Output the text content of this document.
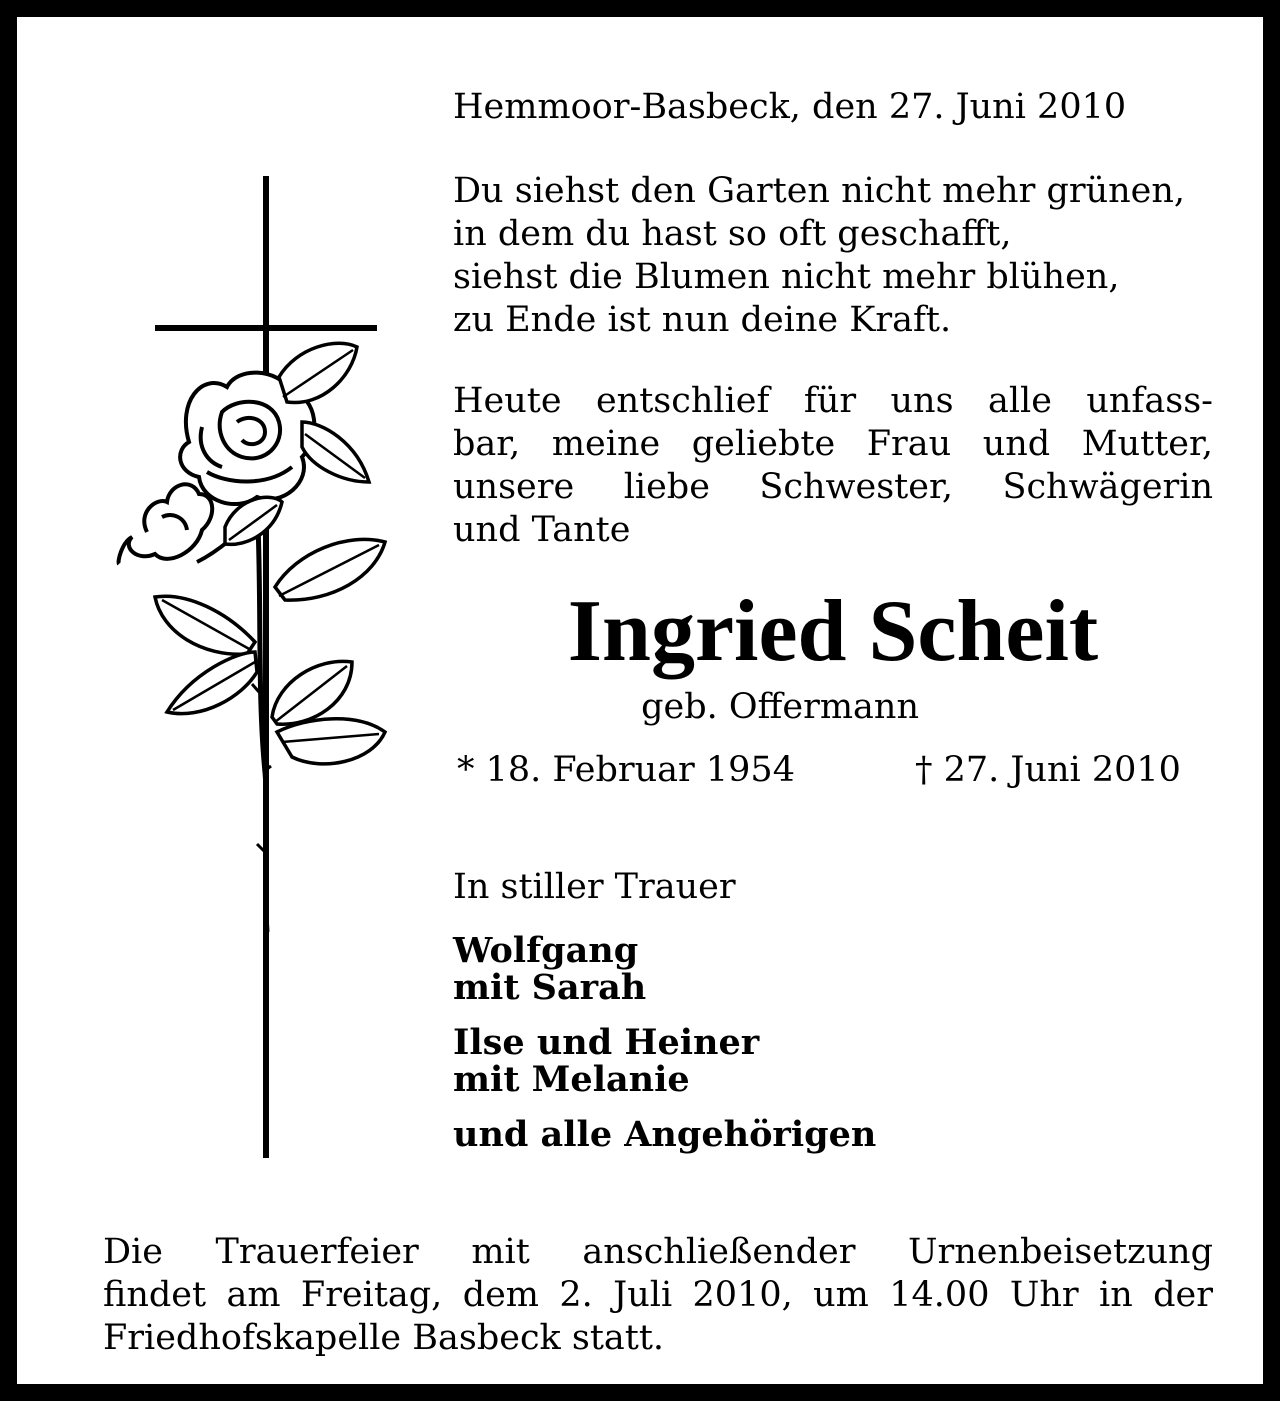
Hemmoor-Basbeck, den 27. Juni 2010
Du siehst den Garten nicht mehr grünen,
in dem du hast so oft geschafft,
siehst die Blumen nicht mehr blühen,
zu Ende ist nun deine Kraft.
Heute entschlief für uns alle unfass-
bar, meine geliebte Frau und Mutter,
unsere liebe Schwester, Schwägerin
und Tante
Ingried Scheit
geb. Offermann
* 18. Februar 1954	† 27. Juni 2010
In stiller Trauer
Wolfgang
mit Sarah
Ilse und Heiner
mit Melanie
und alle Angehörigen
Die Trauerfeier mit anschließender Urnenbeisetzung
findet am Freitag, dem 2. Juli 2010, um 14.00 Uhr in der
Friedhofskapelle Basbeck statt.
